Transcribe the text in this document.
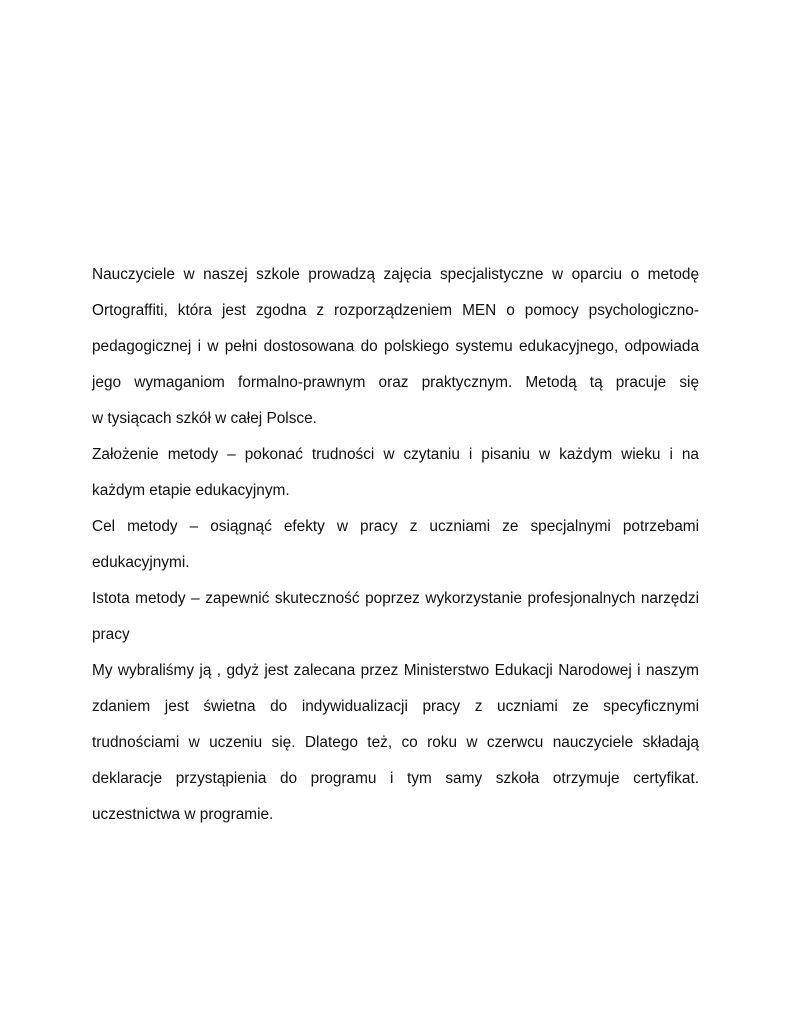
Nauczyciele w naszej szkole prowadzą zajęcia specjalistyczne w oparciu o metodę
Ortograffiti, która jest zgodna z rozporządzeniem MEN o pomocy psychologiczno-
pedagogicznej i w pełni dostosowana do polskiego systemu edukacyjnego, odpowiada
jego wymaganiom formalno-prawnym oraz praktycznym. Metodą tą pracuje się
w tysiącach szkół w całej Polsce.
Założenie metody – pokonać trudności w czytaniu i pisaniu w każdym wieku i na
każdym etapie edukacyjnym.
Cel metody – osiągnąć efekty w pracy z uczniami ze specjalnymi potrzebami
edukacyjnymi.
Istota metody – zapewnić skuteczność poprzez wykorzystanie profesjonalnych narzędzi
pracy
My wybraliśmy ją , gdyż jest zalecana przez Ministerstwo Edukacji Narodowej i naszym
zdaniem jest świetna do indywidualizacji pracy z uczniami ze specyficznymi
trudnościami w uczeniu się. Dlatego też, co roku w czerwcu nauczyciele składają
deklaracje przystąpienia do programu i tym samy szkoła otrzymuje certyfikat.
uczestnictwa w programie.
